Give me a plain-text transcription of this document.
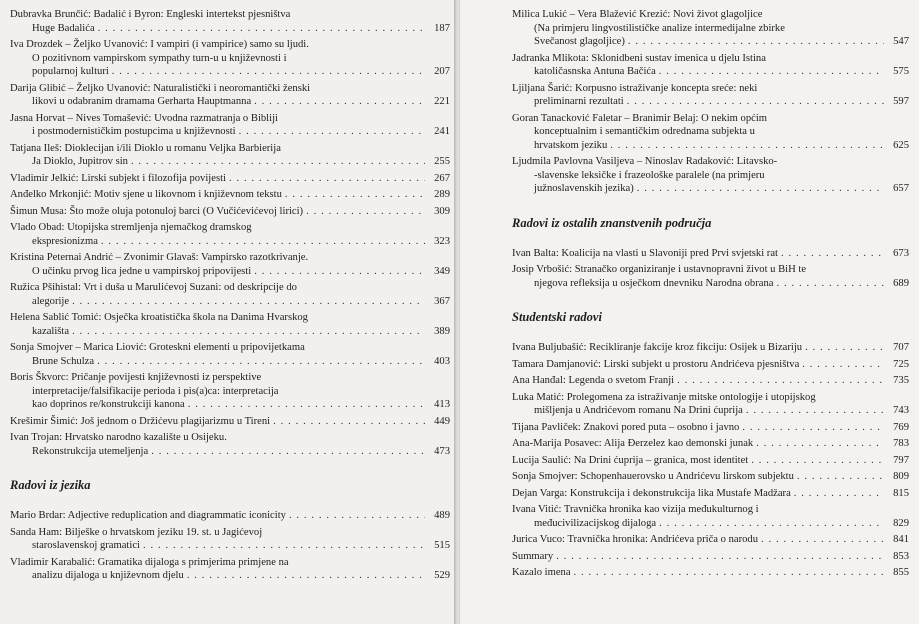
Dubravka Brunčić: Badalić i Byron: Engleski intertekst pjesništva
Huge Badalića . . .	187
Iva Drozdek – Željko Uvanović: I vampiri (i vampirice) samo su ljudi.
O pozitivnom vampirskom sympathy turn-u u književnosti i
popularnoj kulturi . . .	207
Darija Glibić – Željko Uvanović: Naturalistički i neoromantički ženski
likovi u odabranim dramama Gerharta Hauptmanna . . .	221
Jasna Horvat – Nives Tomašević: Uvodna razmatranja o Bibliji
i postmodernističkim postupcima u književnosti . . .	241
Tatjana Ileš: Dioklecijan i/ili Dioklo u romanu Veljka Barbierija
Ja Dioklo, Jupitrov sin . . .	255
Vladimir Jelkić: Lirski subjekt i filozofija povijesti . . .	267
Anđelko Mrkonjić: Motiv sjene u likovnom i književnom tekstu . . .	289
Šimun Musa: Što može oluja potonuloj barci (O Vučićevićevoj lirici) . . .	309
Vlado Obad: Utopijska stremljenja njemačkog dramskog
ekspresionizma . . .	323
Kristina Peternai Andrić – Zvonimir Glavaš: Vampirsko razotkrivanje.
O učinku prvog lica jedne u vampirskoj pripovijesti . . .	349
Ružica Pšihistal: Vrt i duša u Marulićevoj Suzani: od deskripcije do
alegorije . . .	367
Helena Sablić Tomić: Osječka kroatistička škola na Danima Hvarskog
kazališta . . .	389
Sonja Smojver – Marica Liović: Groteskni elementi u pripovijetkama
Brune Schulza . . .	403
Boris Škvorc: Pričanje povijesti književnosti iz perspektive
interpretacije/falsifikacije perioda i pis(a)ca: interpretacija
kao doprinos re/konstrukciji kanona . . .	413
Krešimir Šimić: Još jednom o Držićevu plagijarizmu u Tireni . . .	449
Ivan Trojan: Hrvatsko narodno kazalište u Osijeku.
Rekonstrukcija utemeljenja . . .	473
Radovi iz jezika
Mario Brdar: Adjective reduplication and diagrammatic iconicity . . .	489
Sanda Ham: Bilješke o hrvatskom jeziku 19. st. u Jagićevoj
staroslavenskoj gramatici . . .	515
Vladimir Karabalić: Gramatika dijaloga s primjerima primjene na
analizu dijaloga u književnom djelu . . .	529
Milica Lukić – Vera Blažević Krezić: Novi život glagoljice
(Na primjeru lingvostilističke analize intermedijalne zbirke
Svečanost glagoljice) . . .	547
Jadranka Mlikota: Sklonidbeni sustav imenica u djelu Istina
katoličasnska Antuna Bačića . . .	575
Ljiljana Šarić: Korpusno istraživanje koncepta sreće: neki
preliminarni rezultati . . .	597
Goran Tanacković Faletar – Branimir Belaj: O nekim općim
konceptualnim i semantičkim odrednama subjekta u
hrvatskom jeziku . . .	625
Ljudmila Pavlovna Vasiljeva – Ninoslav Radaković: Litavsko-
-slavenske leksičke i frazeološke paralele (na primjeru
južnoslavenskih jezika) . . .	657
Radovi iz ostalih znanstvenih područja
Ivan Balta: Koalicija na vlasti u Slavoniji pred Prvi svjetski rat . . .	673
Josip Vrbošić: Stranačko organiziranje i ustavnopravni život u BiH te
njegova refleksija u osječkom dnevniku Narodna obrana . . .	689
Studentski radovi
Ivana Buljubašić: Recikliranje fakcije kroz fikciju: Osijek u Bizariju . . .	707
Tamara Damjanović: Lirski subjekt u prostoru Andrićeva pjesništva . . .	725
Ana Hanđal: Legenda o svetom Franji . . .	735
Luka Matić: Prolegomena za istraživanje mitske ontologije i utopijskog
mišljenja u Andrićevom romanu Na Drini ćuprija . . .	743
Tijana Pavliček: Znakovi pored puta – osobno i javno . . .	769
Ana-Marija Posavec: Alija Đerzelez kao demonski junak . . .	783
Lucija Saulić: Na Drini ćuprija – granica, most identitet . . .	797
Sonja Smojver: Schopenhauerovsko u Andrićevu lirskom subjektu . . .	809
Dejan Varga: Konstrukcija i dekonstrukcija lika Mustafe Madžara . . .	815
Ivana Vitić: Travnička hronika kao vizija međukulturnog i
međucivilizacijskog dijaloga . . .	829
Jurica Vuco: Travnička hronika: Andrićeva priča o narodu . . .	841
Summary . . .	853
Kazalo imena . . .	855
